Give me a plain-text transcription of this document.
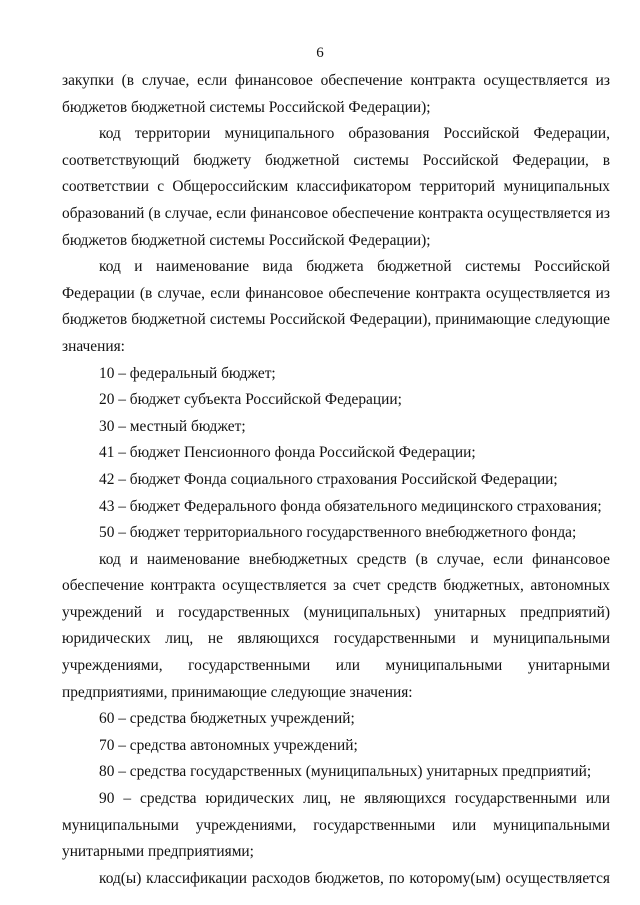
6

закупки (в случае, если финансовое обеспечение контракта осуществляется из бюджетов бюджетной системы Российской Федерации);

код территории муниципального образования Российской Федерации, соответствующий бюджету бюджетной системы Российской Федерации, в соответствии с Общероссийским классификатором территорий муниципальных образований (в случае, если финансовое обеспечение контракта осуществляется из бюджетов бюджетной системы Российской Федерации);

код и наименование вида бюджета бюджетной системы Российской Федерации (в случае, если финансовое обеспечение контракта осуществляется из бюджетов бюджетной системы Российской Федерации), принимающие следующие значения:

10 – федеральный бюджет;

20 – бюджет субъекта Российской Федерации;

30 – местный бюджет;

41 – бюджет Пенсионного фонда Российской Федерации;

42 – бюджет Фонда социального страхования Российской Федерации;

43 – бюджет Федерального фонда обязательного медицинского страхования;

50 – бюджет территориального государственного внебюджетного фонда;

код и наименование внебюджетных средств (в случае, если финансовое обеспечение контракта осуществляется за счет средств бюджетных, автономных учреждений и государственных (муниципальных) унитарных предприятий) юридических лиц, не являющихся государственными и муниципальными учреждениями, государственными или муниципальными унитарными предприятиями, принимающие следующие значения:

60 – средства бюджетных учреждений;

70 – средства автономных учреждений;

80 – средства государственных (муниципальных) унитарных предприятий;

90 – средства юридических лиц, не являющихся государственными или муниципальными учреждениями, государственными или муниципальными унитарными предприятиями;

код(ы) классификации расходов бюджетов, по которому(ым) осуществляется
